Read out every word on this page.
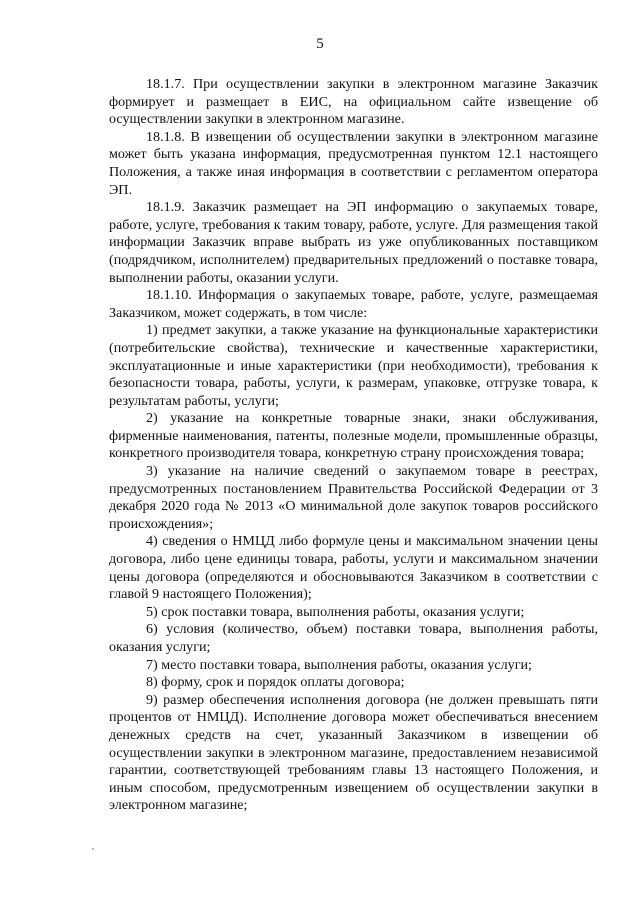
5

18.1.7. При осуществлении закупки в электронном магазине Заказчик формирует и размещает в ЕИС, на официальном сайте извещение об осуществлении закупки в электронном магазине.

18.1.8. В извещении об осуществлении закупки в электронном магазине может быть указана информация, предусмотренная пунктом 12.1 настоящего Положения, а также иная информация в соответствии с регламентом оператора ЭП.

18.1.9. Заказчик размещает на ЭП информацию о закупаемых товаре, работе, услуге, требования к таким товару, работе, услуге. Для размещения такой информации Заказчик вправе выбрать из уже опубликованных поставщиком (подрядчиком, исполнителем) предварительных предложений о поставке товара, выполнении работы, оказании услуги.

18.1.10. Информация о закупаемых товаре, работе, услуге, размещаемая Заказчиком, может содержать, в том числе:

1) предмет закупки, а также указание на функциональные характеристики (потребительские свойства), технические и качественные характеристики, эксплуатационные и иные характеристики (при необходимости), требования к безопасности товара, работы, услуги, к размерам, упаковке, отгрузке товара, к результатам работы, услуги;

2) указание на конкретные товарные знаки, знаки обслуживания, фирменные наименования, патенты, полезные модели, промышленные образцы, конкретного производителя товара, конкретную страну происхождения товара;

3) указание на наличие сведений о закупаемом товаре в реестрах, предусмотренных постановлением Правительства Российской Федерации от 3 декабря 2020 года № 2013 «О минимальной доле закупок товаров российского происхождения»;

4) сведения о НМЦД либо формуле цены и максимальном значении цены договора, либо цене единицы товара, работы, услуги и максимальном значении цены договора (определяются и обосновываются Заказчиком в соответствии с главой 9 настоящего Положения);

5) срок поставки товара, выполнения работы, оказания услуги;

6) условия (количество, объем) поставки товара, выполнения работы, оказания услуги;

7) место поставки товара, выполнения работы, оказания услуги;

8) форму, срок и порядок оплаты договора;

9) размер обеспечения исполнения договора (не должен превышать пяти процентов от НМЦД). Исполнение договора может обеспечиваться внесением денежных средств на счет, указанный Заказчиком в извещении об осуществлении закупки в электронном магазине, предоставлением независимой гарантии, соответствующей требованиям главы 13 настоящего Положения, и иным способом, предусмотренным извещением об осуществлении закупки в электронном магазине;
